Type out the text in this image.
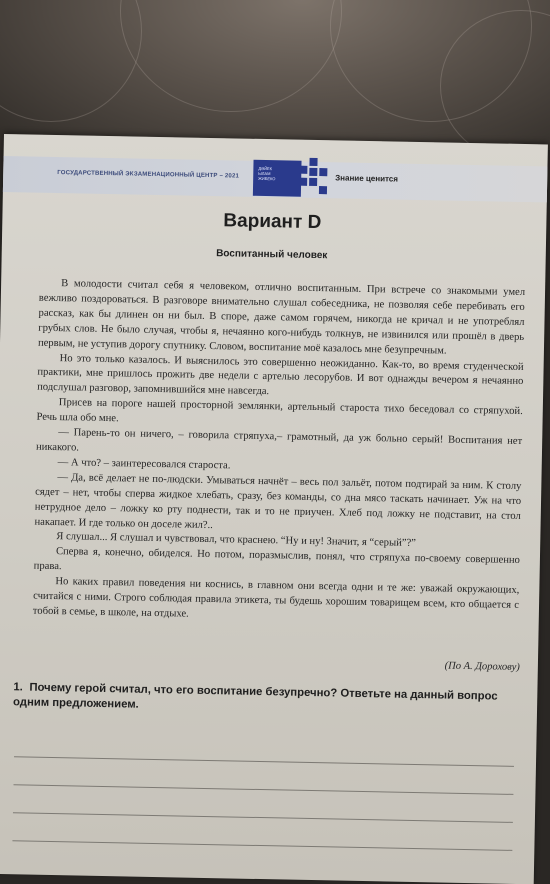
ГОСУДАРСТВЕННЫЙ ЭКЗАМЕНАЦИОННЫЙ ЦЕНТР – 2021
ДӘЙЕК
ЫЛАМ
ЖИБЕКО	Знание ценится
Вариант D
Воспитанный человек

В молодости считал себя я человеком, отлично воспитанным. При встрече со знакомыми умел вежливо поздороваться. В разговоре внимательно слушал собеседника, не позволяя себе перебивать его рассказ, как бы длинен он ни был. В споре, даже самом горячем, никогда не кричал и не употреблял грубых слов. Не было случая, чтобы я, нечаянно кого-нибудь толкнув, не извинился или прошёл в дверь первым, не уступив дорогу спутнику. Словом, воспитание моё казалось мне безупречным.

Но это только казалось. И выяснилось это совершенно неожиданно. Как-то, во время студенческой практики, мне пришлось прожить две недели с артелью лесорубов. И вот однажды вечером я нечаянно подслушал разговор, запомнившийся мне навсегда.

Присев на пороге нашей просторной землянки, артельный староста тихо беседовал со стряпухой. Речь шла обо мне.

— Парень-то он ничего, – говорила стряпуха,– грамотный, да уж больно серый! Воспитания нет никакого.

— А что? – заинтересовался староста.

— Да, всё делает не по-людски. Умываться начнёт – весь пол зальёт, потом подтирай за ним. К столу сядет – нет, чтобы сперва жидкое хлебать, сразу, без команды, со дна мясо таскать начинает. Уж на что нетрудное дело – ложку ко рту поднести, так и то не приучен. Хлеб под ложку не подставит, на стол накапает. И где только он доселе жил?..

Я слушал... Я слушал и чувствовал, что краснею. “Ну и ну! Значит, я “серый”?”

Сперва я, конечно, обиделся. Но потом, поразмыслив, понял, что стряпуха по-своему совершенно права.

Но каких правил поведения ни коснись, в главном они всегда одни и те же: уважай окружающих, считайся с ними. Строго соблюдая правила этикета, ты будешь хорошим товарищем всем, кто общается с тобой в семье, в школе, на отдыхе.

(По А. Дорохову)
1. Почему герой считал, что его воспитание безупречно? Ответьте на данный вопрос одним предложением.
